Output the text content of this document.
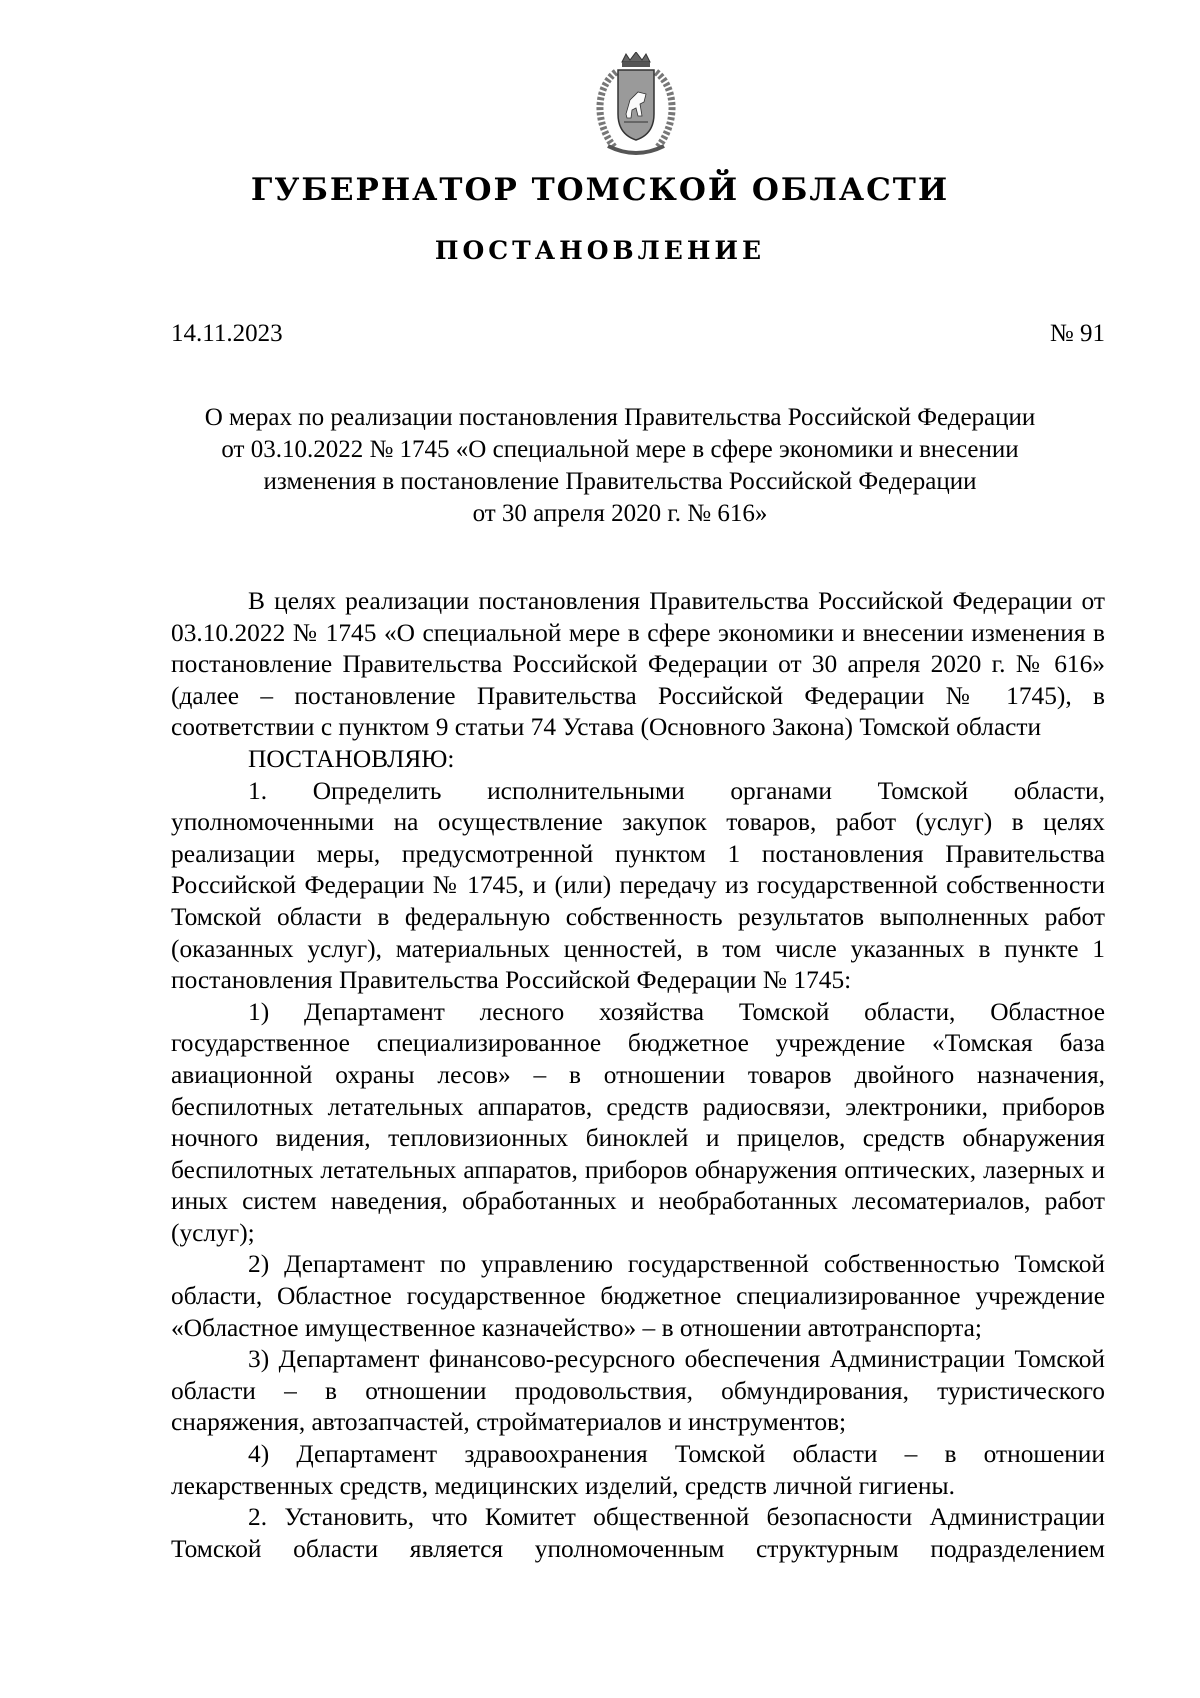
ГУБЕРНАТОР ТОМСКОЙ ОБЛАСТИ
ПОСТАНОВЛЕНИЕ
14.11.2023	№ 91
О мерах по реализации постановления Правительства Российской Федерации
от 03.10.2022 № 1745 «О специальной мере в сфере экономики и внесении
изменения в постановление Правительства Российской Федерации
от 30 апреля 2020 г. № 616»

В целях реализации постановления Правительства Российской Федерации от 03.10.2022 № 1745 «О специальной мере в сфере экономики и внесении изменения в постановление Правительства Российской Федерации от 30 апреля 2020 г. № 616» (далее – постановление Правительства Российской Федерации № 1745), в соответствии с пунктом 9 статьи 74 Устава (Основного Закона) Томской области

ПОСТАНОВЛЯЮ:

1. Определить исполнительными органами Томской области, уполномоченными на осуществление закупок товаров, работ (услуг) в целях реализации меры, предусмотренной пунктом 1 постановления Правительства Российской Федерации № 1745, и (или) передачу из государственной собственности Томской области в федеральную собственность результатов выполненных работ (оказанных услуг), материальных ценностей, в том числе указанных в пункте 1 постановления Правительства Российской Федерации № 1745:

1) Департамент лесного хозяйства Томской области, Областное государственное специализированное бюджетное учреждение «Томская база авиационной охраны лесов» – в отношении товаров двойного назначения, беспилотных летательных аппаратов, средств радиосвязи, электроники, приборов ночного видения, тепловизионных биноклей и прицелов, средств обнаружения беспилотных летательных аппаратов, приборов обнаружения оптических, лазерных и иных систем наведения, обработанных и необработанных лесоматериалов, работ (услуг);

2) Департамент по управлению государственной собственностью Томской области, Областное государственное бюджетное специализированное учреждение «Областное имущественное казначейство» – в отношении автотранспорта;

3) Департамент финансово-ресурсного обеспечения Администрации Томской области – в отношении продовольствия, обмундирования, туристического снаряжения, автозапчастей, стройматериалов и инструментов;

4) Департамент здравоохранения Томской области – в отношении лекарственных средств, медицинских изделий, средств личной гигиены.

2. Установить, что Комитет общественной безопасности Администрации Томской области является уполномоченным структурным подразделением
